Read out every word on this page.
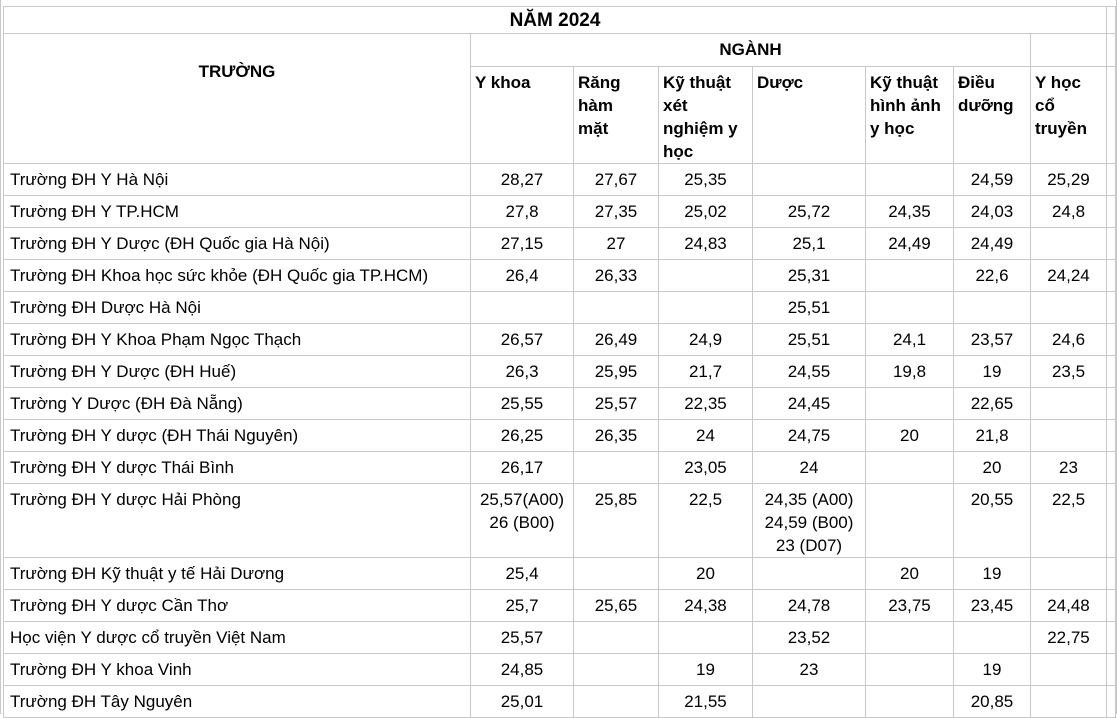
NĂM 2024								
TRƯỜNG	NGÀNH							

	Y khoa	Răng
hàm
mặt	Kỹ thuật
xét
nghiệm y
học	Dược	Kỹ thuật
hình ảnh
y học	Điều
dưỡng	Y học
cổ
truyền	

Trường ĐH Y Hà Nội	28,27	27,67	25,35			24,59	25,29	

Trường ĐH Y TP.HCM	27,8	27,35	25,02	25,72	24,35	24,03	24,8	

Trường ĐH Y Dược (ĐH Quốc gia Hà Nội)	27,15	27	24,83	25,1	24,49	24,49		

Trường ĐH Khoa học sức khỏe (ĐH Quốc gia TP.HCM)	26,4	26,33		25,31		22,6	24,24	

Trường ĐH Dược Hà Nội				25,51				

Trường ĐH Y Khoa Phạm Ngọc Thạch	26,57	26,49	24,9	25,51	24,1	23,57	24,6	

Trường ĐH Y Dược (ĐH Huế)	26,3	25,95	21,7	24,55	19,8	19	23,5	

Trường Y Dược (ĐH Đà Nẵng)	25,55	25,57	22,35	24,45		22,65		

Trường ĐH Y dược (ĐH Thái Nguyên)	26,25	26,35	24	24,75	20	21,8		

Trường ĐH Y dược Thái Bình	26,17		23,05	24		20	23	

Trường ĐH Y dược Hải Phòng	25,57(A00)
26 (B00)	25,85	22,5	24,35 (A00)
24,59 (B00)
23 (D07)		20,55	22,5	

Trường ĐH Kỹ thuật y tế Hải Dương	25,4		20		20	19		

Trường ĐH Y dược Cần Thơ	25,7	25,65	24,38	24,78	23,75	23,45	24,48	

Học viện Y dược cổ truyền Việt Nam	25,57			23,52			22,75	

Trường ĐH Y khoa Vinh	24,85		19	23		19		

Trường ĐH Tây Nguyên	25,01		21,55			20,85		
